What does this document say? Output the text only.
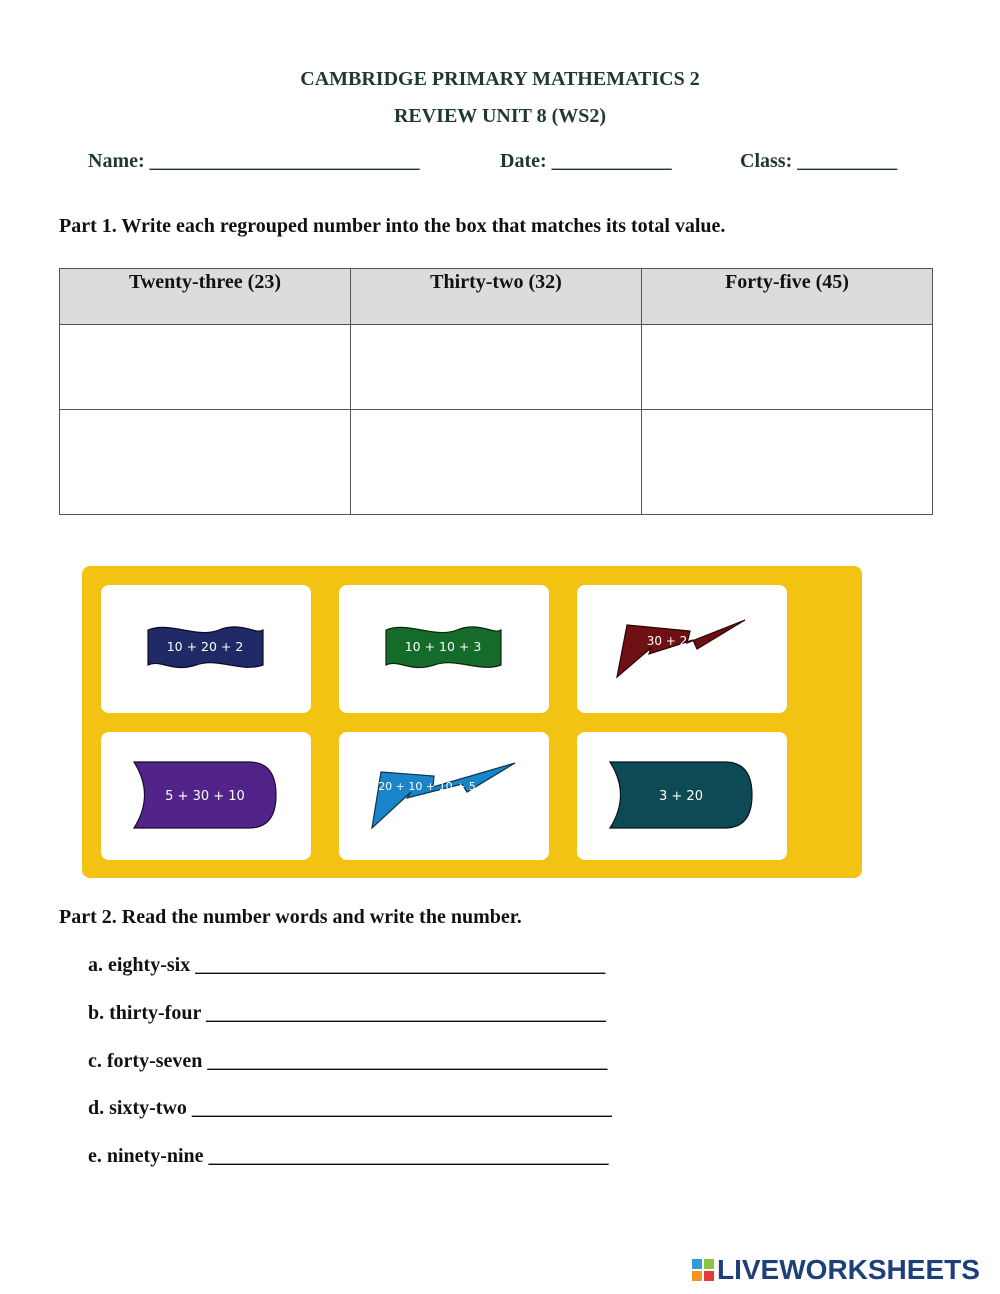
CAMBRIDGE PRIMARY MATHEMATICS 2
REVIEW UNIT 8 (WS2)
Name: ___________________________	Date: ____________	Class: __________
Part 1. Write each regrouped number into the box that matches its total value.
Twenty-three (23)	Thirty-two (32)	Forty-five (45)

10 + 20 + 2	10 + 10 + 3	30 + 2
5 + 30 + 10
20 + 10 + 10 + 5
3 + 20
Part 2. Read the number words and write the number.
a. eighty-six _________________________________________
b. thirty-four ________________________________________
c. forty-seven ________________________________________
d. sixty-two __________________________________________
e. ninety-nine ________________________________________
LIVEWORKSHEETS
